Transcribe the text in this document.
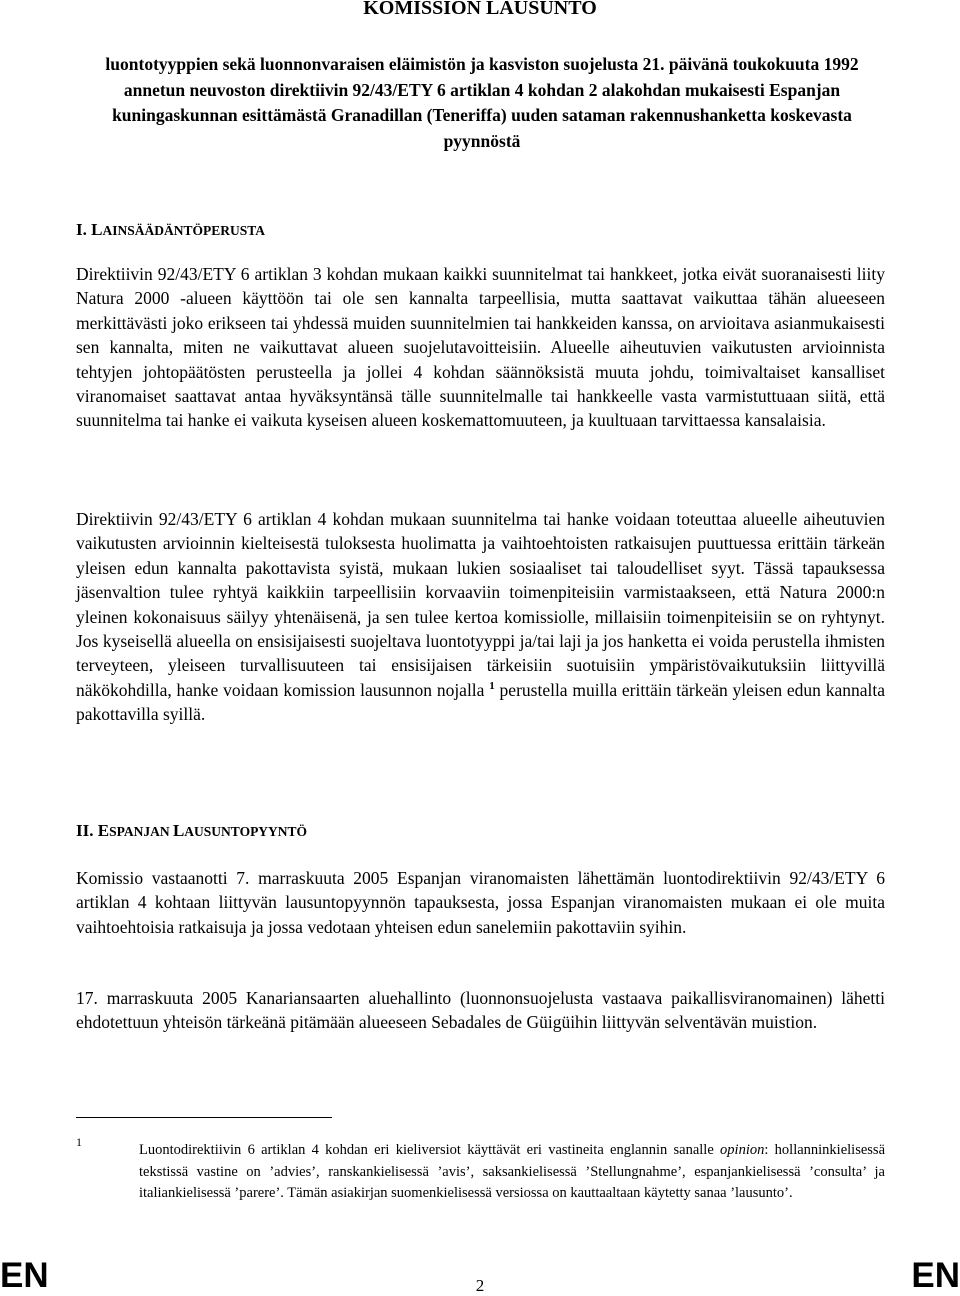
KOMISSION LAUSUNTO
luontotyyppien sekä luonnonvaraisen eläimistön ja kasviston suojelusta 21. päivänä toukokuuta 1992 annetun neuvoston direktiivin 92/43/ETY 6 artiklan 4 kohdan 2 alakohdan mukaisesti Espanjan kuningaskunnan esittämästä Granadillan (Teneriffa) uuden sataman rakennushanketta koskevasta pyynnöstä
I. LAINSÄÄDÄNTÖPERUSTA

Direktiivin 92/43/ETY 6 artiklan 3 kohdan mukaan kaikki suunnitelmat tai hankkeet, jotka eivät suoranaisesti liity Natura 2000 -alueen käyttöön tai ole sen kannalta tarpeellisia, mutta saattavat vaikuttaa tähän alueeseen merkittävästi joko erikseen tai yhdessä muiden suunnitelmien tai hankkeiden kanssa, on arvioitava asianmukaisesti sen kannalta, miten ne vaikuttavat alueen suojelutavoitteisiin. Alueelle aiheutuvien vaikutusten arvioinnista tehtyjen johtopäätösten perusteella ja jollei 4 kohdan säännöksistä muuta johdu, toimivaltaiset kansalliset viranomaiset saattavat antaa hyväksyntänsä tälle suunnitelmalle tai hankkeelle vasta varmistuttuaan siitä, että suunnitelma tai hanke ei vaikuta kyseisen alueen koskemattomuuteen, ja kuultuaan tarvittaessa kansalaisia.

Direktiivin 92/43/ETY 6 artiklan 4 kohdan mukaan suunnitelma tai hanke voidaan toteuttaa alueelle aiheutuvien vaikutusten arvioinnin kielteisestä tuloksesta huolimatta ja vaihtoehtoisten ratkaisujen puuttuessa erittäin tärkeän yleisen edun kannalta pakottavista syistä, mukaan lukien sosiaaliset tai taloudelliset syyt. Tässä tapauksessa jäsenvaltion tulee ryhtyä kaikkiin tarpeellisiin korvaaviin toimenpiteisiin varmistaakseen, että Natura 2000:n yleinen kokonaisuus säilyy yhtenäisenä, ja sen tulee kertoa komissiolle, millaisiin toimenpiteisiin se on ryhtynyt. Jos kyseisellä alueella on ensisijaisesti suojeltava luontotyyppi ja/tai laji ja jos hanketta ei voida perustella ihmisten terveyteen, yleiseen turvallisuuteen tai ensisijaisen tärkeisiin suotuisiin ympäristövaikutuksiin liittyvillä näkökohdilla, hanke voidaan komission lausunnon nojalla $^1$ perustella muilla erittäin tärkeän yleisen edun kannalta pakottavilla syillä.

II. ESPANJAN LAUSUNTOPYYNTÖ

Komissio vastaanotti 7. marraskuuta 2005 Espanjan viranomaisten lähettämän luontodirektiivin 92/43/ETY 6 artiklan 4 kohtaan liittyvän lausuntopyynnön tapauksesta, jossa Espanjan viranomaisten mukaan ei ole muita vaihtoehtoisia ratkaisuja ja jossa vedotaan yhteisen edun sanelemiin pakottaviin syihin.

17. marraskuuta 2005 Kanariansaarten aluehallinto (luonnonsuojelusta vastaava paikallisviranomainen) lähetti ehdotettuun yhteisön tärkeänä pitämään alueeseen Sebadales de Güigüihin liittyvän selventävän muistion.

1	Luontodirektiivin 6 artiklan 4 kohdan eri kieliversiot käyttävät eri vastineita englannin sanalle opinion: hollanninkielisessä tekstissä vastine on ’advies’, ranskankielisessä ’avis’, saksankielisessä ’Stellungnahme’, espanjankielisessä ’consulta’ ja italiankielisessä ’parere’. Tämän asiakirjan suomenkielisessä versiossa on kauttaaltaan käytetty sanaa ’lausunto’.

EN	2	EN
